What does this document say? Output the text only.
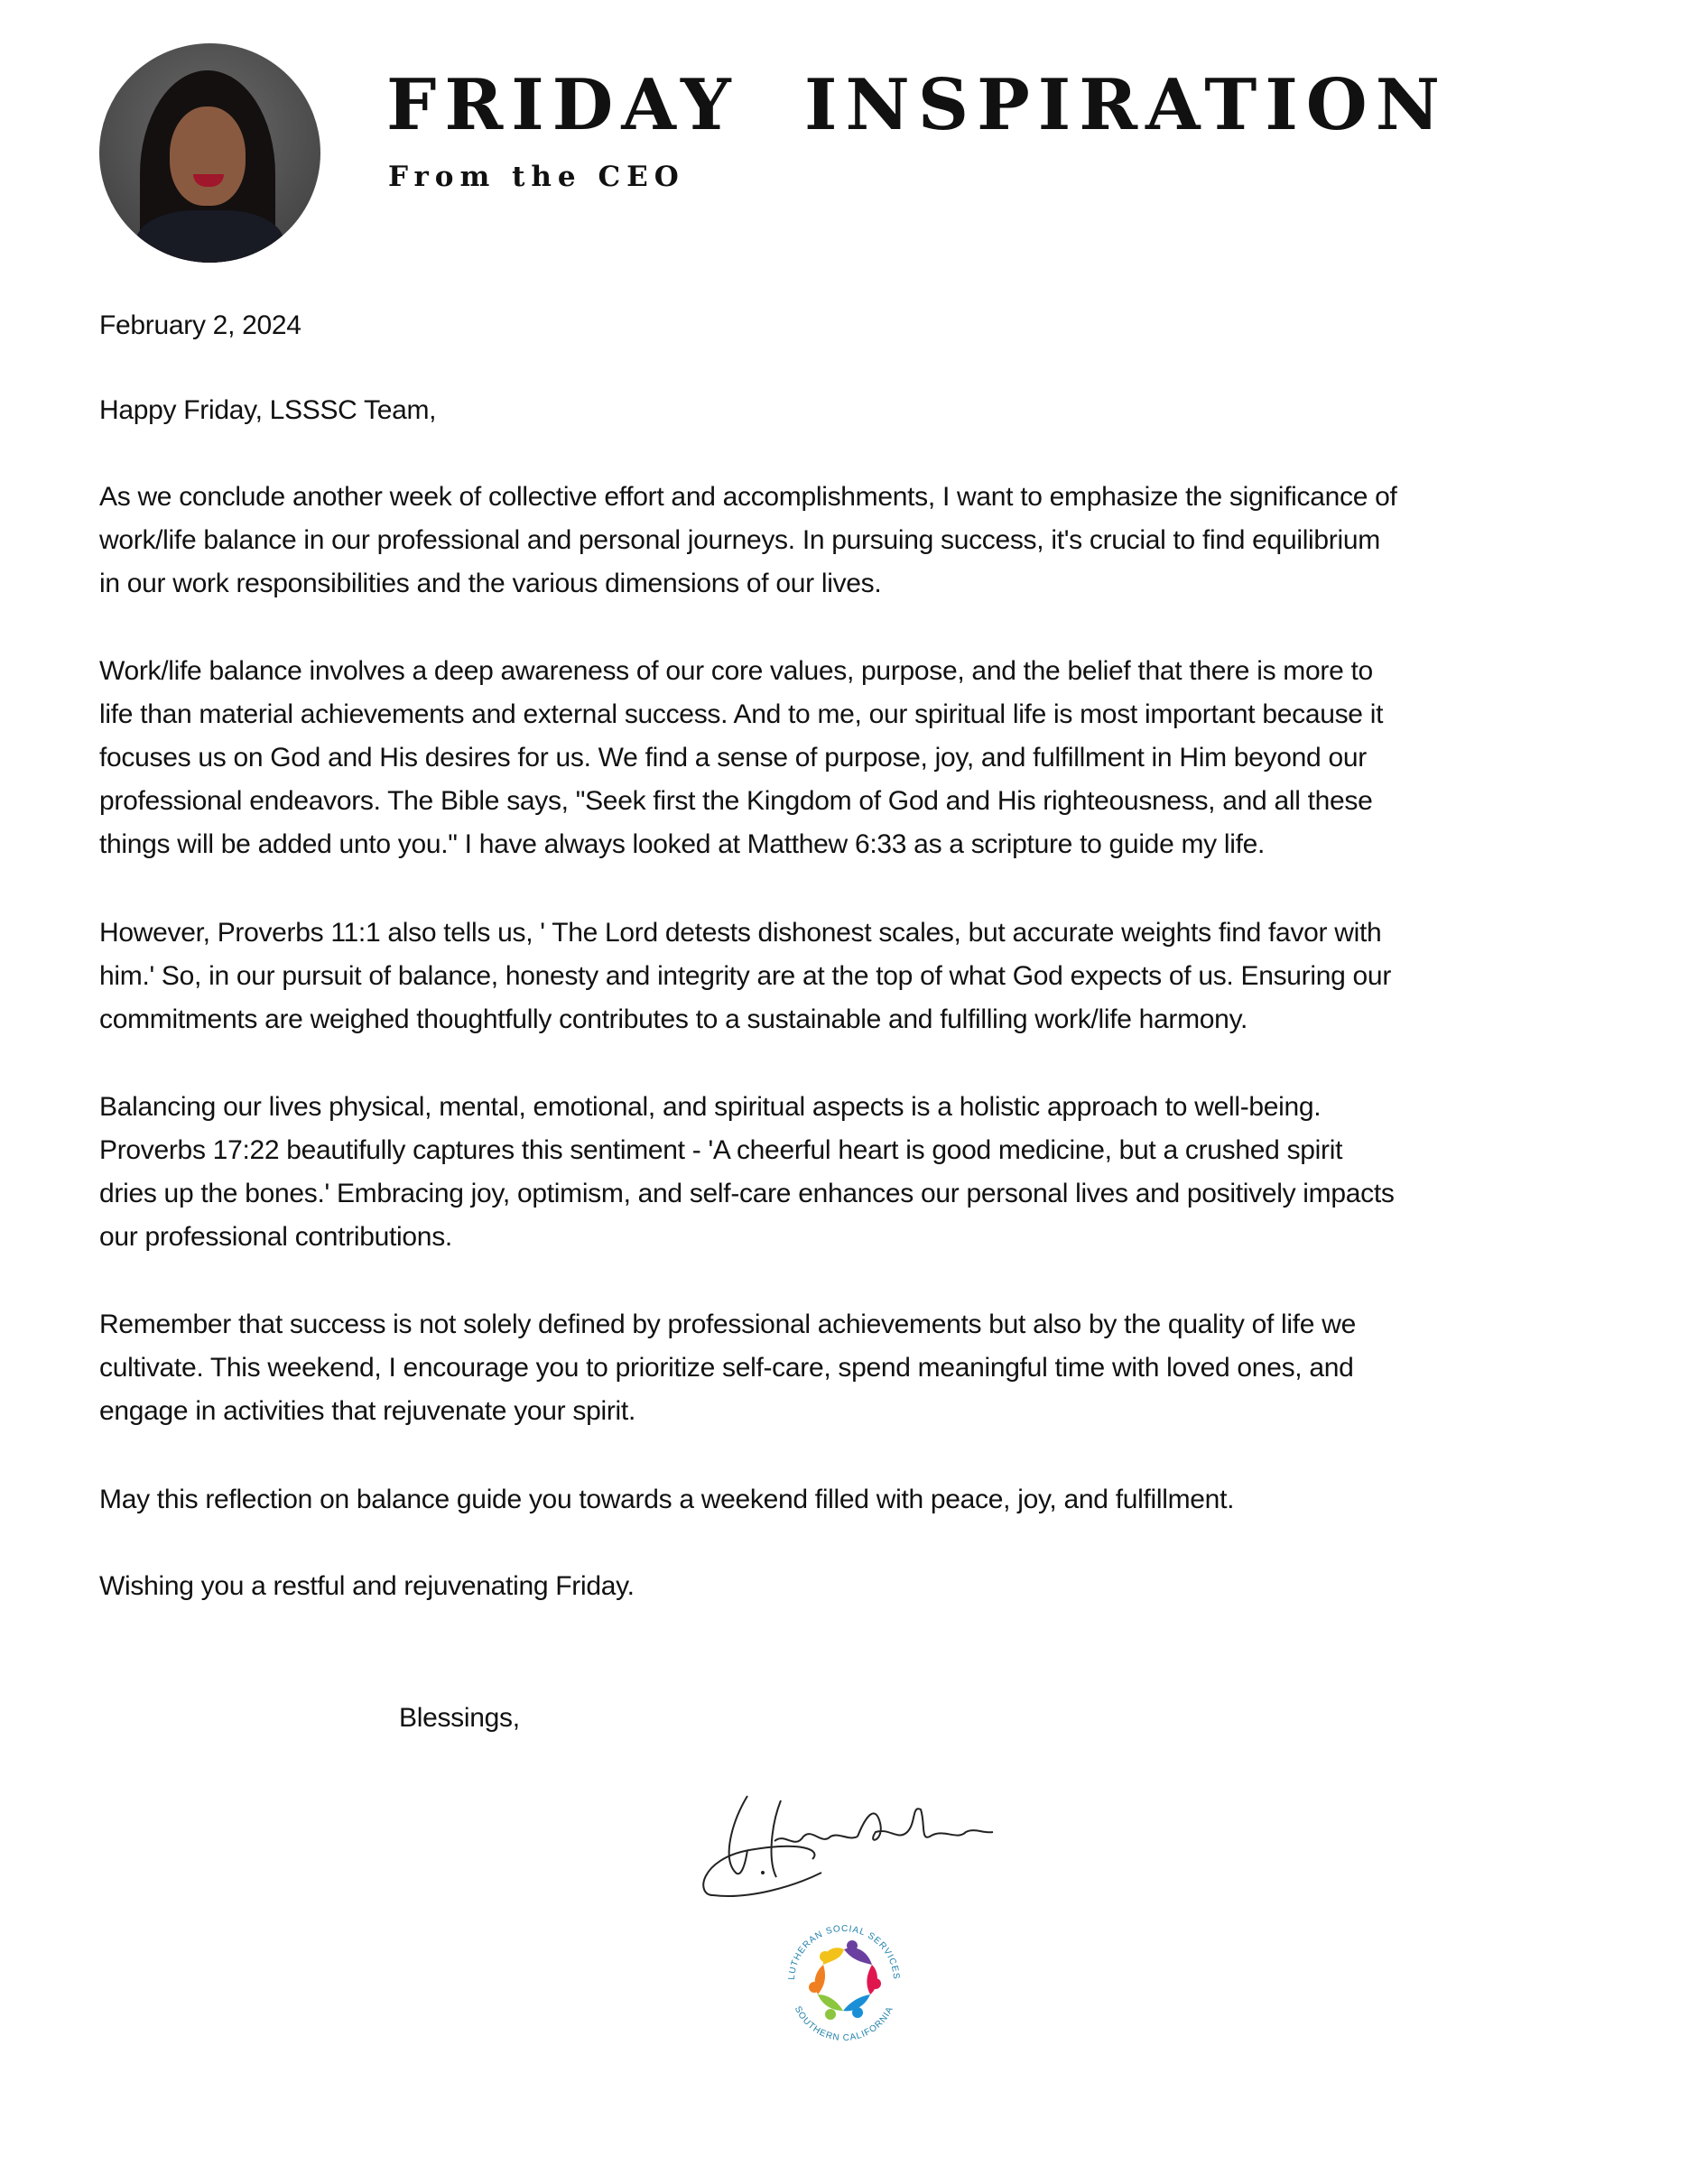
FRIDAY  INSPIRATION
From the CEO
February 2, 2024
Happy Friday, LSSSC Team,
As we conclude another week of collective effort and accomplishments, I want to emphasize the significance of
work/life balance in our professional and personal journeys. In pursuing success, it's crucial to find equilibrium
in our work responsibilities and the various dimensions of our lives.
Work/life balance involves a deep awareness of our core values, purpose, and the belief that there is more to
life than material achievements and external success. And to me, our spiritual life is most important because it
focuses us on God and His desires for us. We find a sense of purpose, joy, and fulfillment in Him beyond our
professional endeavors. The Bible says, "Seek first the Kingdom of God and His righteousness, and all these
things will be added unto you." I have always looked at Matthew 6:33 as a scripture to guide my life.
However, Proverbs 11:1 also tells us, ' The Lord detests dishonest scales, but accurate weights find favor with
him.' So, in our pursuit of balance, honesty and integrity are at the top of what God expects of us. Ensuring our
commitments are weighed thoughtfully contributes to a sustainable and fulfilling work/life harmony.
Balancing our lives physical, mental, emotional, and spiritual aspects is a holistic approach to well-being.
Proverbs 17:22 beautifully captures this sentiment - 'A cheerful heart is good medicine, but a crushed spirit
dries up the bones.' Embracing joy, optimism, and self-care enhances our personal lives and positively impacts
our professional contributions.
Remember that success is not solely defined by professional achievements but also by the quality of life we
cultivate. This weekend, I encourage you to prioritize self-care, spend meaningful time with loved ones, and
engage in activities that rejuvenate your spirit.
May this reflection on balance guide you towards a weekend filled with peace, joy, and fulfillment.
Wishing you a restful and rejuvenating Friday.
Blessings,
LUTHERAN SOCIAL SERVICES
SOUTHERN CALIFORNIA
